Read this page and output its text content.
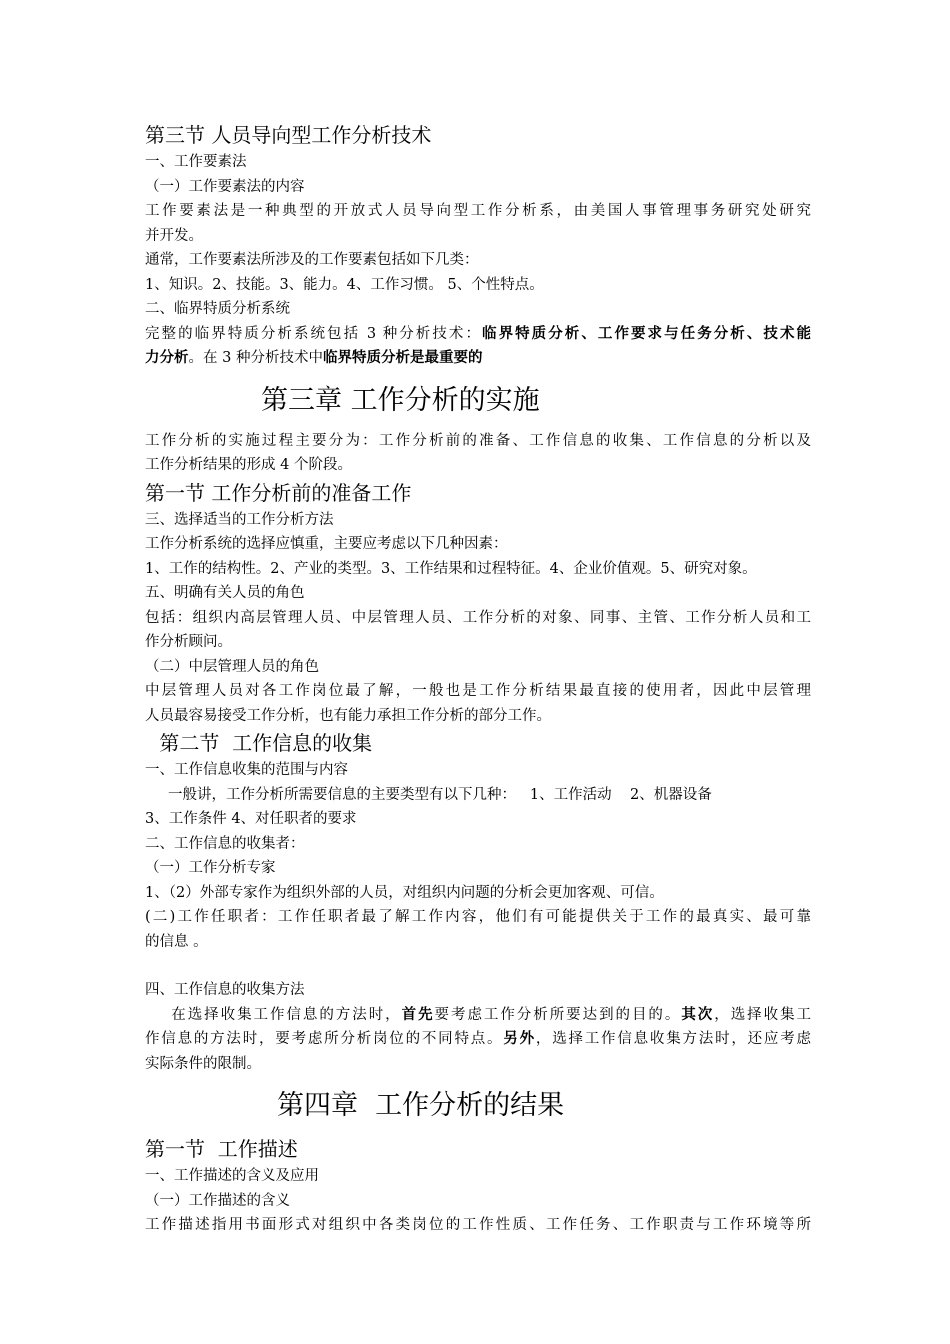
第三节 人员导向型工作分析技术

一、工作要素法

（一）工作要素法的内容

工作要素法是一种典型的开放式人员导向型工作分析系，由美国人事管理事务研究处研究

并开发。

通常，工作要素法所涉及的工作要素包括如下几类：

1、知识。2、技能。3、能力。4、工作习惯。 5、个性特点。

二、临界特质分析系统

完整的临界特质分析系统包括 3 种分析技术：临界特质分析、工作要求与任务分析、技术能

力分析。在 3 种分析技术中临界特质分析是最重要的

第三章 工作分析的实施

工作分析的实施过程主要分为：工作分析前的准备、工作信息的收集、工作信息的分析以及

工作分析结果的形成 4 个阶段。

第一节 工作分析前的准备工作

三、选择适当的工作分析方法

工作分析系统的选择应慎重，主要应考虑以下几种因素：

1、工作的结构性。2、产业的类型。3、工作结果和过程特征。4、企业价值观。5、研究对象。

五、明确有关人员的角色

包括：组织内高层管理人员、中层管理人员、工作分析的对象、同事、主管、工作分析人员和工

作分析顾问。

（二）中层管理人员的角色

中层管理人员对各工作岗位最了解，一般也是工作分析结果最直接的使用者，因此中层管理

人员最容易接受工作分析，也有能力承担工作分析的部分工作。

第二节  工作信息的收集

一、工作信息收集的范围与内容

一般讲，工作分析所需要信息的主要类型有以下几种：   1、工作活动    2、机器设备

3、工作条件 4、对任职者的要求

二、工作信息的收集者：

（一）工作分析专家

1、（2）外部专家作为组织外部的人员，对组织内问题的分析会更加客观、可信。

(二)工作任职者：工作任职者最了解工作内容，他们有可能提供关于工作的最真实、最可靠

的信息 。

四、工作信息的收集方法

在选择收集工作信息的方法时，首先要考虑工作分析所要达到的目的。其次，选择收集工

作信息的方法时，要考虑所分析岗位的不同特点。另外，选择工作信息收集方法时，还应考虑

实际条件的限制。

第四章  工作分析的结果

第一节  工作描述

一、工作描述的含义及应用

（一）工作描述的含义

工作描述指用书面形式对组织中各类岗位的工作性质、工作任务、工作职责与工作环境等所
